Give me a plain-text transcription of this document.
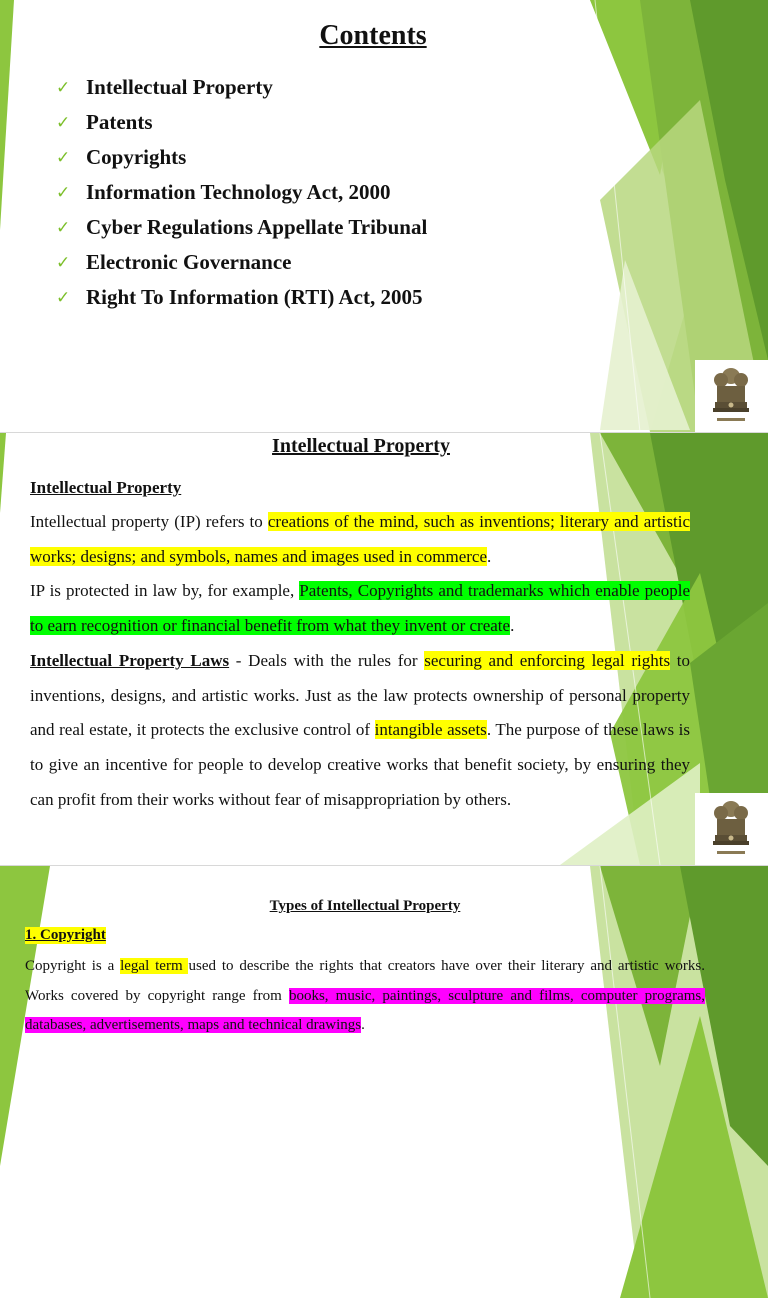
Contents
✓ Intellectual Property
✓ Patents
✓ Copyrights
✓ Information Technology Act, 2000
✓ Cyber Regulations Appellate Tribunal
✓ Electronic Governance
✓ Right To Information (RTI) Act, 2005
Intellectual Property
Intellectual Property

Intellectual property (IP) refers to creations of the mind, such as inventions; literary and artistic works; designs; and symbols, names and images used in commerce.

IP is protected in law by, for example, Patents, Copyrights and trademarks which enable people to earn recognition or financial benefit from what they invent or create.

Intellectual Property Laws - Deals with the rules for securing and enforcing legal rights to inventions, designs, and artistic works. Just as the law protects ownership of personal property and real estate, it protects the exclusive control of intangible assets. The purpose of these laws is to give an incentive for people to develop creative works that benefit society, by ensuring they can profit from their works without fear of misappropriation by others.

Types of Intellectual Property
1. Copyright

Copyright is a legal term used to describe the rights that creators have over their literary and artistic works. Works covered by copyright range from books, music, paintings, sculpture and films, computer programs, databases, advertisements, maps and technical drawings.
